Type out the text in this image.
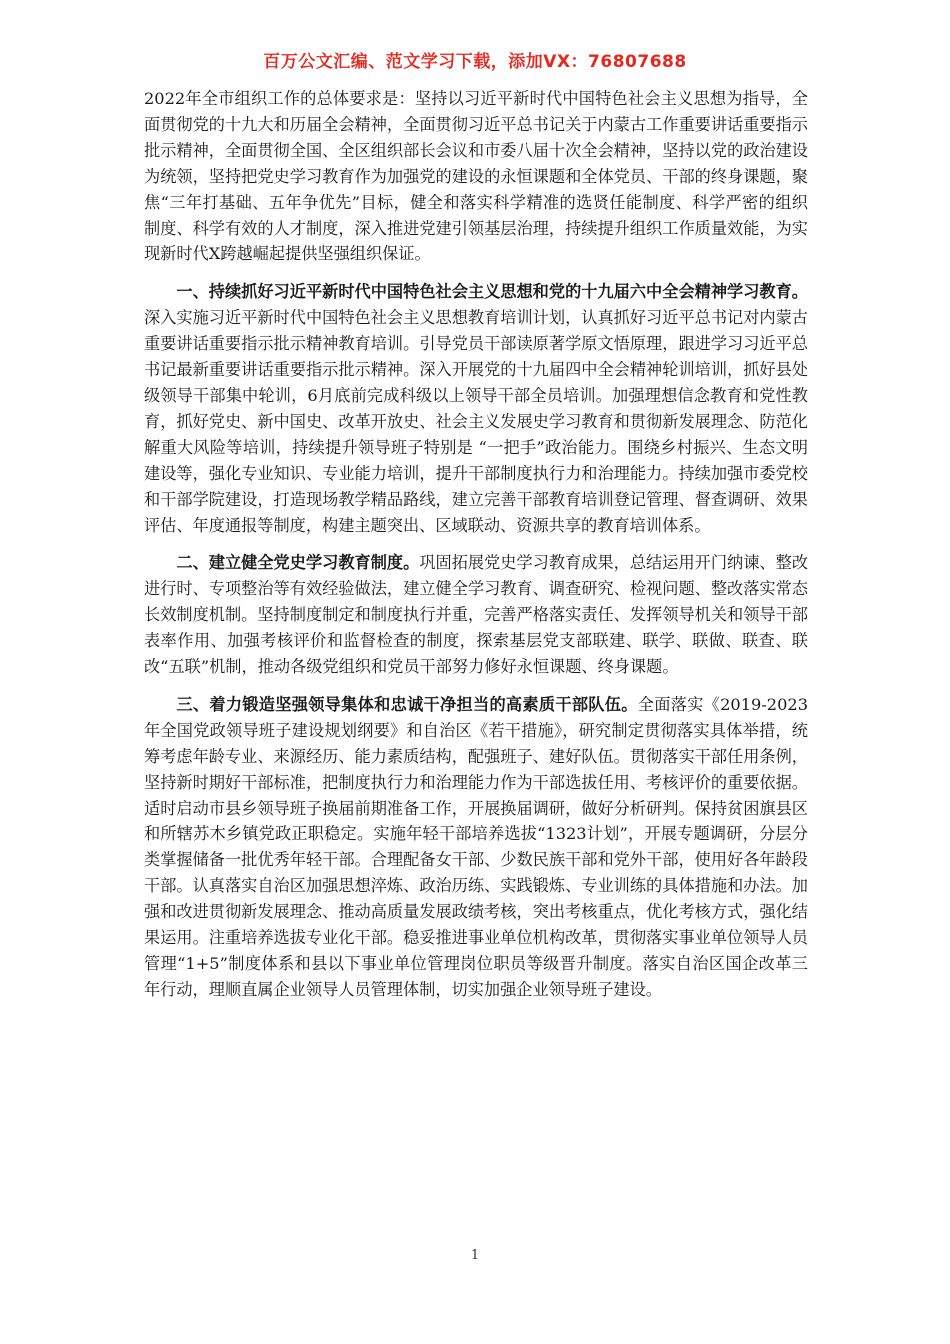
百万公文汇编、范文学习下载，添加VX：76807688

2022年全市组织工作的总体要求是：坚持以习近平新时代中国特色社会主义思想为指导，全面贯彻党的十九大和历届全会精神，全面贯彻习近平总书记关于内蒙古工作重要讲话重要指示批示精神，全面贯彻全国、全区组织部长会议和市委八届十次全会精神，坚持以党的政治建设为统领，坚持把党史学习教育作为加强党的建设的永恒课题和全体党员、干部的终身课题，聚焦“三年打基础、五年争优先”目标，健全和落实科学精准的选贤任能制度、科学严密的组织制度、科学有效的人才制度，深入推进党建引领基层治理，持续提升组织工作质量效能，为实现新时代X跨越崛起提供坚强组织保证。

一、持续抓好习近平新时代中国特色社会主义思想和党的十九届六中全会精神学习教育。深入实施习近平新时代中国特色社会主义思想教育培训计划，认真抓好习近平总书记对内蒙古重要讲话重要指示批示精神教育培训。引导党员干部读原著学原文悟原理，跟进学习习近平总书记最新重要讲话重要指示批示精神。深入开展党的十九届四中全会精神轮训培训，抓好县处级领导干部集中轮训，6月底前完成科级以上领导干部全员培训。加强理想信念教育和党性教育，抓好党史、新中国史、改革开放史、社会主义发展史学习教育和贯彻新发展理念、防范化解重大风险等培训，持续提升领导班子特别是 “一把手”政治能力。围绕乡村振兴、生态文明建设等，强化专业知识、专业能力培训，提升干部制度执行力和治理能力。持续加强市委党校和干部学院建设，打造现场教学精品路线，建立完善干部教育培训登记管理、督查调研、效果评估、年度通报等制度，构建主题突出、区域联动、资源共享的教育培训体系。

二、建立健全党史学习教育制度。巩固拓展党史学习教育成果，总结运用开门纳谏、整改进行时、专项整治等有效经验做法，建立健全学习教育、调查研究、检视问题、整改落实常态长效制度机制。坚持制度制定和制度执行并重，完善严格落实责任、发挥领导机关和领导干部表率作用、加强考核评价和监督检查的制度，探索基层党支部联建、联学、联做、联查、联改“五联”机制，推动各级党组织和党员干部努力修好永恒课题、终身课题。

三、着力锻造坚强领导集体和忠诚干净担当的高素质干部队伍。全面落实《2019-2023年全国党政领导班子建设规划纲要》和自治区《若干措施》，研究制定贯彻落实具体举措，统筹考虑年龄专业、来源经历、能力素质结构，配强班子、建好队伍。贯彻落实干部任用条例，坚持新时期好干部标准，把制度执行力和治理能力作为干部选拔任用、考核评价的重要依据。适时启动市县乡领导班子换届前期准备工作，开展换届调研，做好分析研判。保持贫困旗县区和所辖苏木乡镇党政正职稳定。实施年轻干部培养选拔“1323计划”，开展专题调研，分层分类掌握储备一批优秀年轻干部。合理配备女干部、少数民族干部和党外干部，使用好各年龄段干部。认真落实自治区加强思想淬炼、政治历练、实践锻炼、专业训练的具体措施和办法。加强和改进贯彻新发展理念、推动高质量发展政绩考核，突出考核重点，优化考核方式，强化结果运用。注重培养选拔专业化干部。稳妥推进事业单位机构改革，贯彻落实事业单位领导人员管理“1+5”制度体系和县以下事业单位管理岗位职员等级晋升制度。落实自治区国企改革三年行动，理顺直属企业领导人员管理体制，切实加强企业领导班子建设。

1
